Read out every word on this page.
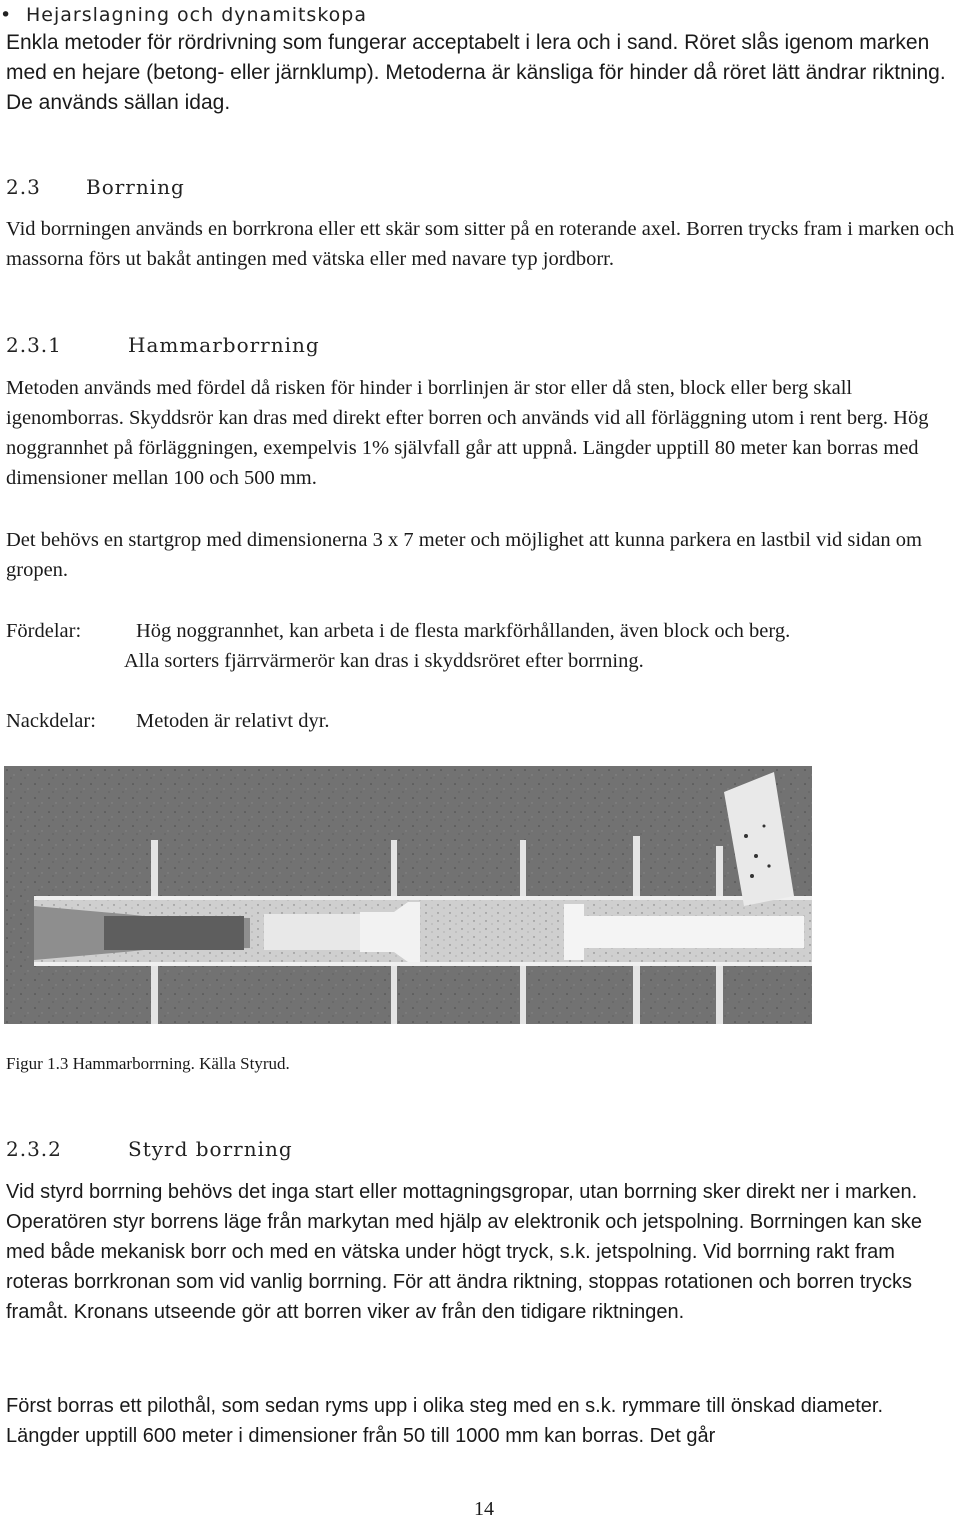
• Hejarslagning och dynamitskopa

Enkla metoder för rördrivning som fungerar acceptabelt i lera och i sand. Röret slås igenom marken med en hejare (betong- eller järnklump). Metoderna är känsliga för hinder då röret lätt ändrar riktning. De används sällan idag.

2.3 Borrning

Vid borrningen används en borrkrona eller ett skär som sitter på en roterande axel. Borren trycks fram i marken och massorna förs ut bakåt antingen med vätska eller med navare typ jordborr.

2.3.1	Hammarborrning

Metoden används med fördel då risken för hinder i borrlinjen är stor eller då sten, block eller berg skall igenomborras. Skyddsrör kan dras med direkt efter borren och används vid all förläggning utom i rent berg. Hög noggrannhet på förläggningen, exempelvis 1% självfall går att uppnå. Längder upptill 80 meter kan borras med dimensioner mellan 100 och 500 mm.

Det behövs en startgrop med dimensionerna 3 x 7 meter och möjlighet att kunna parkera en lastbil vid sidan om gropen.

Fördelar:	Hög noggrannhet, kan arbeta i de flesta markförhållanden, även block och berg.
Alla sorters fjärrvärmerör kan dras i skyddsröret efter borrning.
Nackdelar: Metoden är relativt dyr.
Figur 1.3 Hammarborrning. Källa Styrud.
2.3.2	Styrd borrning

Vid styrd borrning behövs det inga start eller mottagningsgropar, utan borrning sker direkt ner i marken. Operatören styr borrens läge från markytan med hjälp av elektronik och jetspolning. Borrningen kan ske med både mekanisk borr och med en vätska under högt tryck, s.k. jetspolning. Vid borrning rakt fram roteras borrkronan som vid vanlig borrning. För att ändra riktning, stoppas rotationen och borren trycks framåt. Kronans utseende gör att borren viker av från den tidigare riktningen.

Först borras ett pilothål, som sedan ryms upp i olika steg med en s.k. rymmare till önskad diameter. Längder upptill 600 meter i dimensioner från 50 till 1000 mm kan borras. Det går

14
